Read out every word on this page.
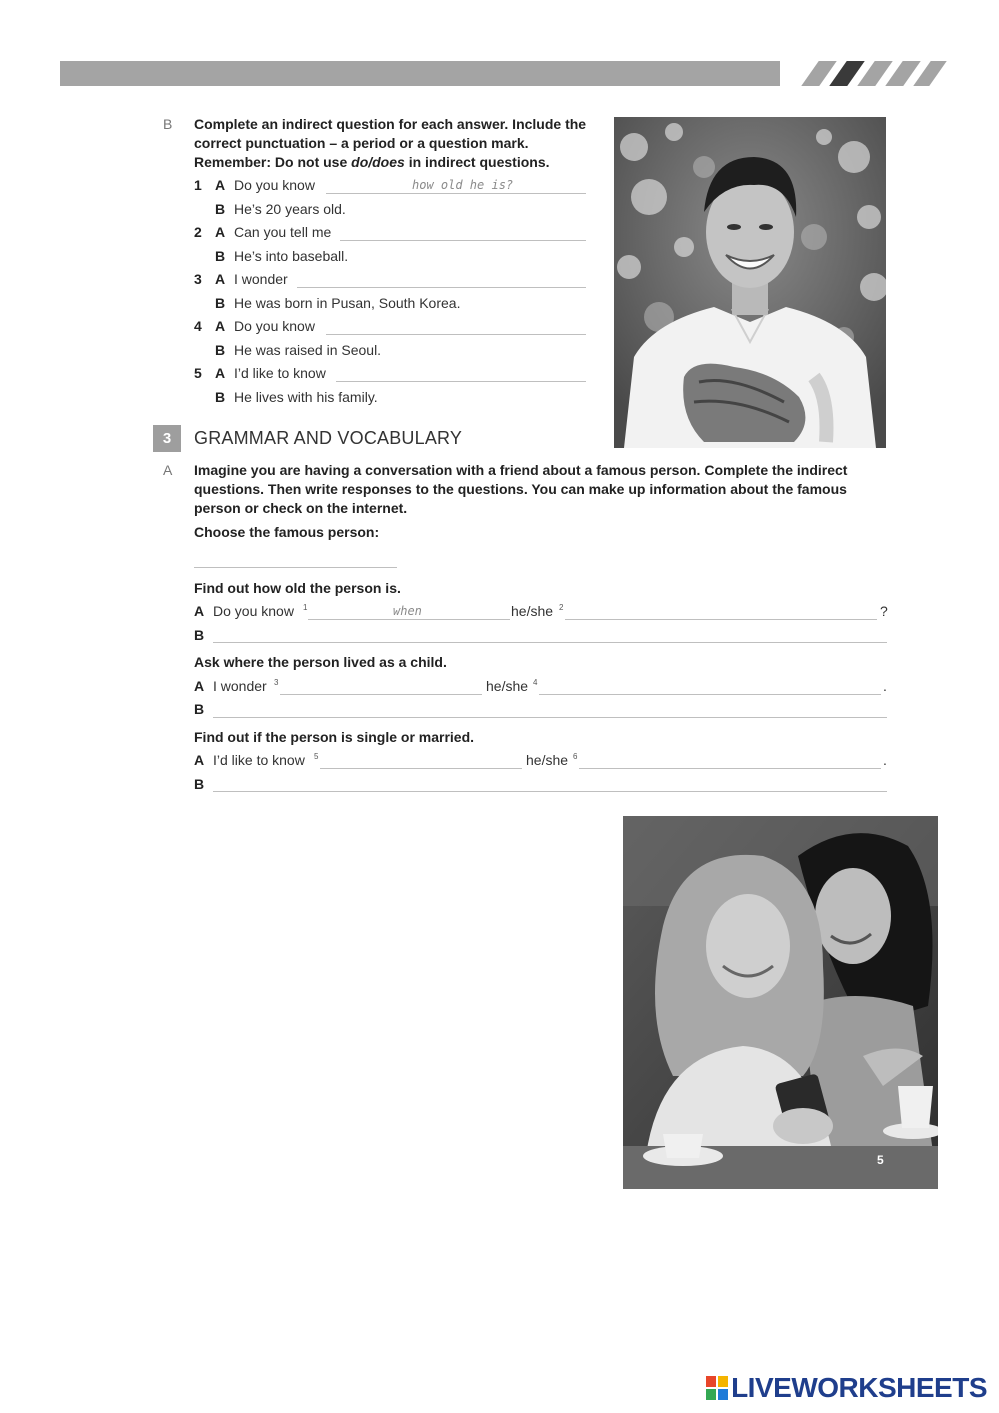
B Complete an indirect question for each answer. Include the
correct punctuation – a period or a question mark.
Remember: Do not use do/does in indirect questions.
1 A Do you know	how old he is?
B He’s 20 years old.
2 A Can you tell me
B He’s into baseball.
3 A I wonder
B He was born in Pusan, South Korea.
4 A Do you know
B He was raised in Seoul.
5 A I’d like to know
B He lives with his family.
3	GRAMMAR AND VOCABULARY
A Imagine you are having a conversation with a friend about a famous person. Complete the indirect
questions. Then write responses to the questions. You can make up information about the famous
person or check on the internet.
Choose the famous person:
Find out how old the person is.
A Do you know 1	when	he/she 2	?
B
Ask where the person lived as a child.
A I wonder 3	he/she 4	.
B
Find out if the person is single or married.
A I’d like to know 5	he/she 6	.
B
5
LIVEWORKSHEETS
